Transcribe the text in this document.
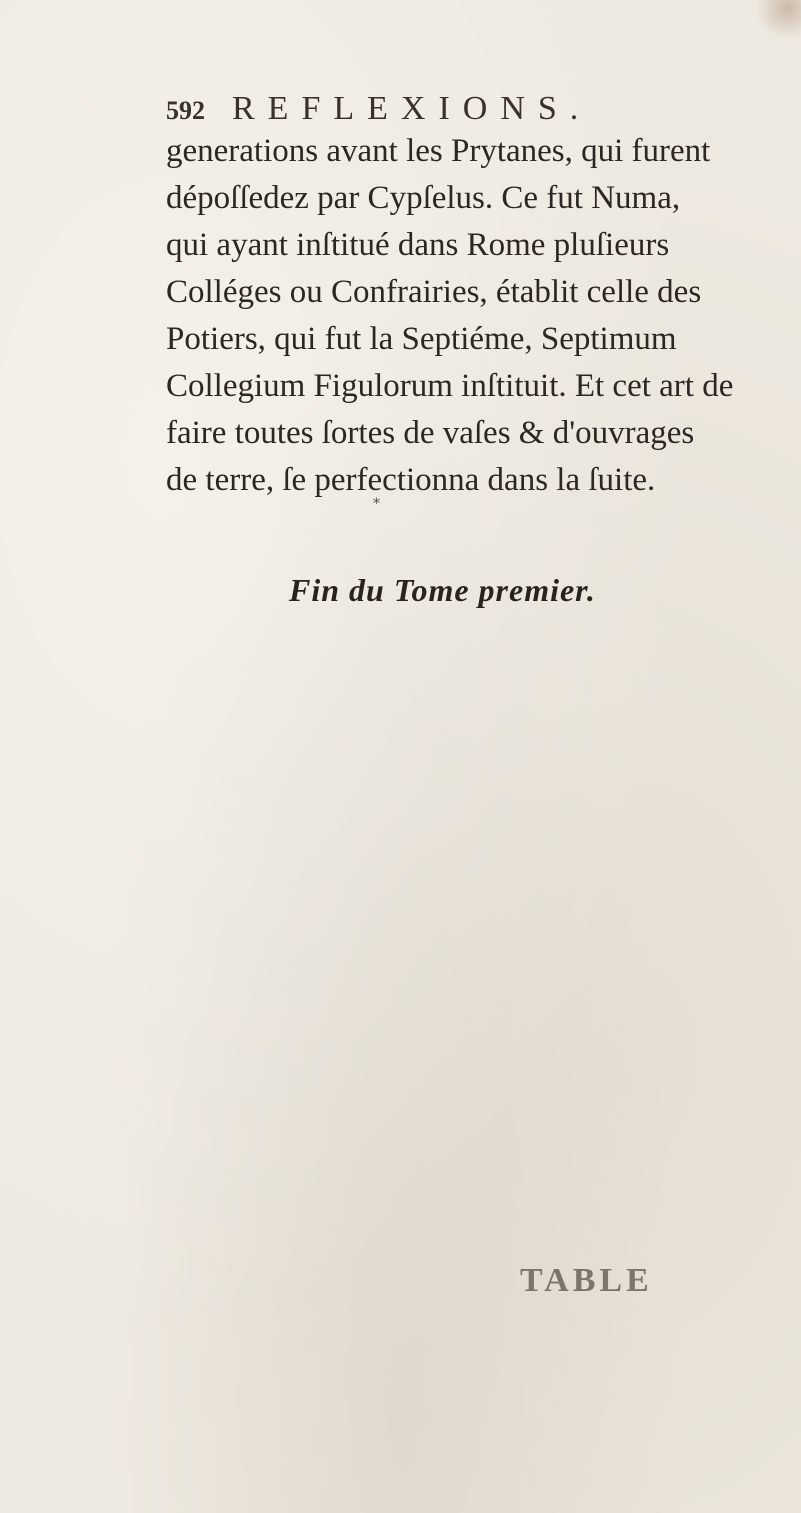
592 REFLEXIONS.
generations avant les Prytanes, qui furent
dépoſſedez par Cypſelus. Ce fut Numa,
qui ayant inſtitué dans Rome pluſieurs
Colléges ou Confrairies, établit celle des
Potiers, qui fut la Septiéme, Septimum
Collegium Figulorum inſtituit. Et cet art de
faire toutes ſortes de vaſes & d'ouvrages
de terre, ſe perfectionna dans la ſuite.
*
Fin du Tome premier.
TABLE
